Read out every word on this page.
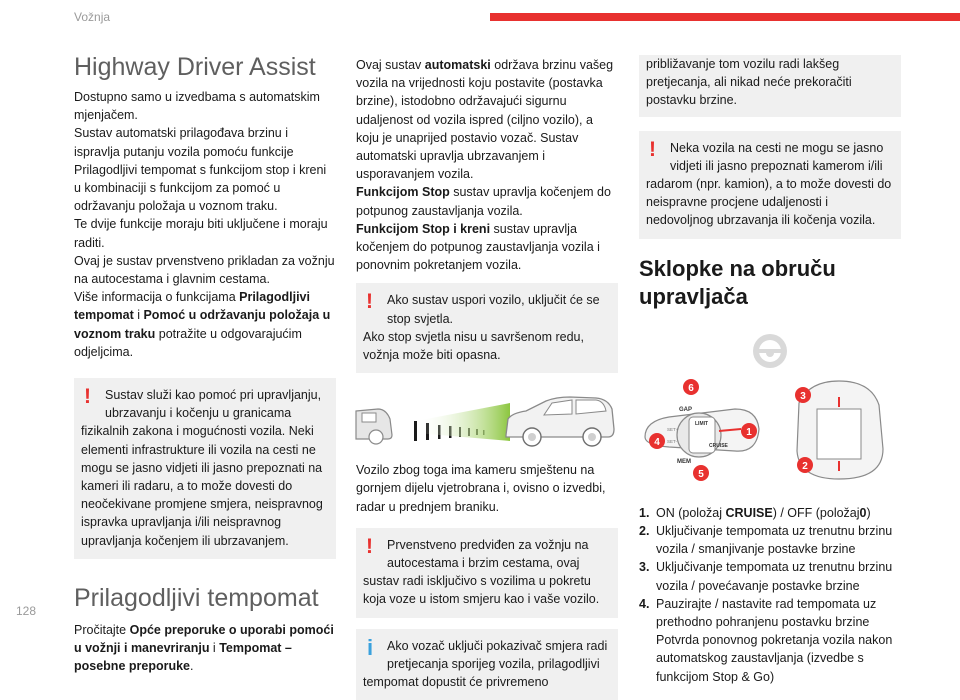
Vožnja
128
Highway Driver Assist

Dostupno samo u izvedbama s automatskim mjenjačem.

Sustav automatski prilagođava brzinu i ispravlja putanju vozila pomoću funkcije Prilagodljivi tempomat s funkcijom stop i kreni u kombinaciji s funkcijom za pomoć u održavanju položaja u voznom traku.

Te dvije funkcije moraju biti uključene i moraju raditi.

Ovaj je sustav prvenstveno prikladan za vožnju na autocestama i glavnim cestama.

Više informacija o funkcijama Prilagodljivi tempomat i Pomoć u održavanju položaja u voznom traku potražite u odgovarajućim odjeljcima.

!	Sustav služi kao pomoć pri upravljanju, ubrzavanju i kočenju u granicama
fizikalnih zakona i mogućnosti vozila. Neki elementi infrastrukture ili vozila na cesti ne mogu se jasno vidjeti ili jasno prepoznati na kameri ili radaru, a to može dovesti do neočekivane promjene smjera, neispravnog ispravka upravljanja i/ili neispravnog upravljanja kočenjem ili ubrzavanjem.
Prilagodljivi tempomat

Pročitajte Opće preporuke o uporabi pomoći u vožnji i manevriranju i Tempomat – posebne preporuke.

Ovaj sustav automatski održava brzinu vašeg vozila na vrijednosti koju postavite (postavka brzine), istodobno održavajući sigurnu udaljenost od vozila ispred (ciljno vozilo), a koju je unaprijed postavio vozač. Sustav automatski upravlja ubrzavanjem i usporavanjem vozila.

Funkcijom Stop sustav upravlja kočenjem do potpunog zaustavljanja vozila.

Funkcijom Stop i kreni sustav upravlja kočenjem do potpunog zaustavljanja vozila i ponovnim pokretanjem vozila.

!	Ako sustav uspori vozilo, uključit će se stop svjetla.
Ako stop svjetla nisu u savršenom redu, vožnja može biti opasna.

Vozilo zbog toga ima kameru smještenu na gornjem dijelu vjetrobrana i, ovisno o izvedbi, radar u prednjem braniku.

!	Prvenstveno predviđen za vožnju na autocestama i brzim cestama, ovaj
sustav radi isključivo s vozilima u pokretu koja voze u istom smjeru kao i vaše vozilo.
i	Ako vozač uključi pokazivač smjera radi pretjecanja sporijeg vozila, prilagodljivi
tempomat dopustit će privremeno
približavanje tom vozilu radi lakšeg pretjecanja, ali nikad neće prekoračiti postavku brzine.
!	Neka vozila na cesti ne mogu se jasno vidjeti ili jasno prepoznati kamerom i/ili
radarom (npr. kamion), a to može dovesti do neispravne procjene udaljenosti i nedovoljnog ubrzavanja ili kočenja vozila.
Sklopke na obruču upravljača
GAP
MEM
LIMIT
CRUISE
SET+
SET-
6
3
1
4
5
2
1. ON (položaj CRUISE) / OFF (položaj0)
2. Uključivanje tempomata uz trenutnu brzinu vozila / smanjivanje postavke brzine
3. Uključivanje tempomata uz trenutnu brzinu vozila / povećavanje postavke brzine
4. Pauzirajte / nastavite rad tempomata uz prethodno pohranjenu postavku brzine
Potvrda ponovnog pokretanja vozila nakon automatskog zaustavljanja (izvedbe s funkcijom Stop & Go)
